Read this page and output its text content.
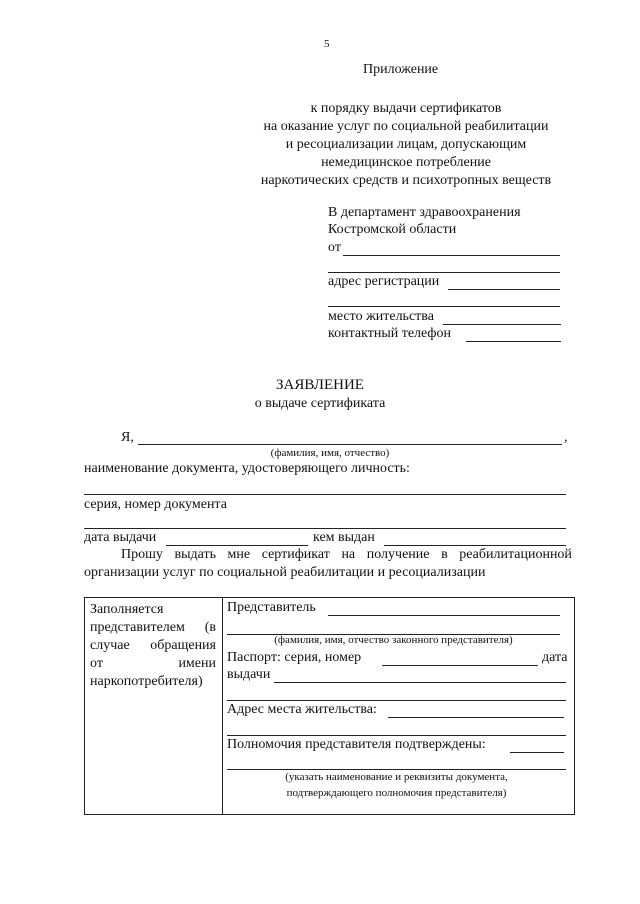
5
Приложение
к порядку выдачи сертификатов
на оказание услуг по социальной реабилитации
и ресоциализации лицам, допускающим
немедицинское потребление
наркотических средств и психотропных веществ
В департамент здравоохранения
Костромской области
от
адрес регистрации
место жительства
контактный телефон
ЗАЯВЛЕНИЕ
о выдаче сертификата
Я,	,
(фамилия, имя, отчество)
наименование документа, удостоверяющего личность:
серия, номер документа
дата выдачи	кем выдан
Прошу выдать мне сертификат на получение в реабилитационной
организации услуг по социальной реабилитации и ресоциализации
Заполняется
представителем (в
случае обращения
от	имени
наркопотребителя)
Представитель
(фамилия, имя, отчество законного представителя)
Паспорт: серия, номер	дата
выдачи
Адрес места жительства:
Полномочия представителя подтверждены:
(указать наименование и реквизиты документа,
подтверждающего полномочия представителя)
